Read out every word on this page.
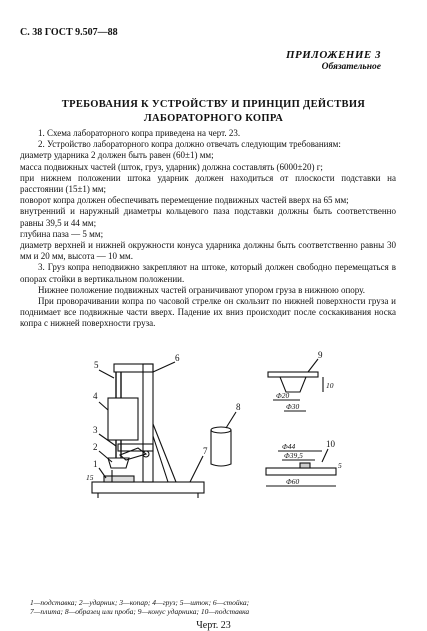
С. 38 ГОСТ 9.507—88
ПРИЛОЖЕНИЕ 3
Обязательное
ТРЕБОВАНИЯ К УСТРОЙСТВУ И ПРИНЦИП ДЕЙСТВИЯ
ЛАБОРАТОРНОГО КОПРА

1. Схема лабораторного копра приведена на черт. 23.

2. Устройство лабораторного копра должно отвечать следующим требованиям:

диаметр ударника 2 должен быть равен (60±1) мм;

масса подвижных частей (шток, груз, ударник) должна составлять (6000±20) г;

при нижнем положении штока ударник должен находиться от плоскости подставки на расстоянии (15±1) мм;

поворот копра должен обеспечивать перемещение подвижных частей вверх на 65 мм;

внутренний и наружный диаметры кольцевого паза подставки должны быть соответственно равны 39,5 и 44 мм;

глубина паза — 5 мм;

диаметр верхней и нижней окружности конуса ударника должны быть соответственно равны 30 мм и 20 мм, высота — 10 мм.

3. Груз копра неподвижно закрепляют на штоке, который должен свободно перемещаться в опорах стойки в вертикальном положении.

Нижнее положение подвижных частей ограничивают упором груза в нижнюю опору.

При проворачивании копра по часовой стрелке он скользит по нижней поверхности груза и поднимает все подвижные части вверх. Падение их вниз происходит после соскакивания носка копра с нижней поверхности груза.

5
6
4
3
2
1
7
8
9
10
Φ20
Φ30
10
Φ44
Φ39,5
5
Φ60
15
1—подставка; 2—ударник; 3—копар; 4—груз; 5—шток; 6—стойка;
7—плита; 8—образец или проба; 9—конус ударника; 10—подставка
Черт. 23
